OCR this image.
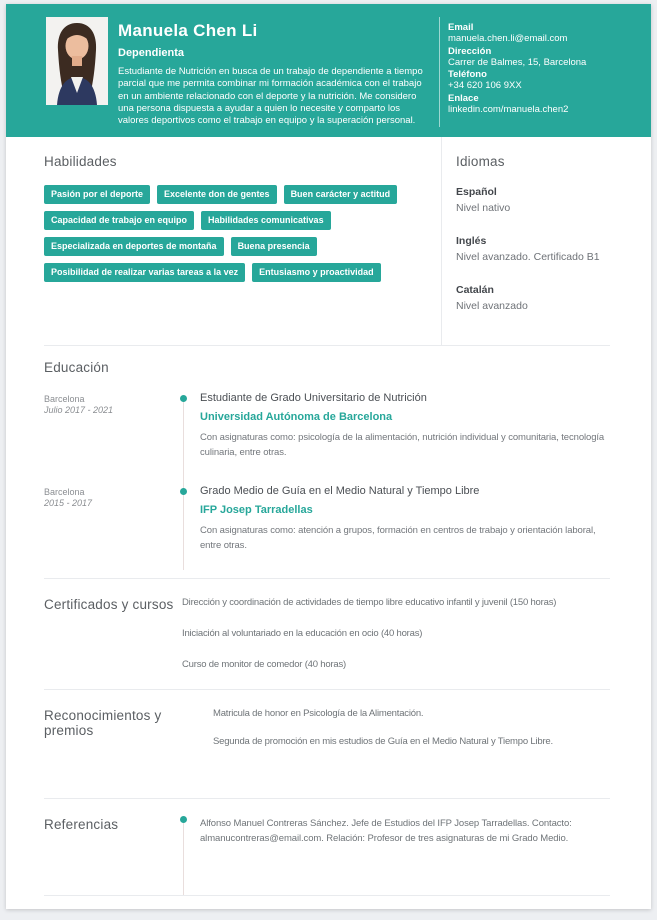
Manuela Chen Li
Dependienta

Estudiante de Nutrición en busca de un trabajo de dependiente a tiempo parcial que me permita combinar mi formación académica con el trabajo en un ambiente relacionado con el deporte y la nutrición. Me considero una persona dispuesta a ayudar a quien lo necesite y comparto los valores deportivos como el trabajo en equipo y la superación personal.

Email
manuela.chen.li@email.com
Dirección
Carrer de Balmes, 15, Barcelona
Teléfono
+34 620 106 9XX
Enlace
linkedin.com/manuela.chen2
Habilidades
Pasión por el deporte	Excelente don de gentes	Buen carácter y actitud
Capacidad de trabajo en equipo	Habilidades comunicativas
Especializada en deportes de montaña	Buena presencia
Posibilidad de realizar varias tareas a la vez	Entusiasmo y proactividad
Idiomas
Español
Nivel nativo
Inglés
Nivel avanzado. Certificado B1
Catalán
Nivel avanzado
Educación
Barcelona
Julio 2017 - 2021
Estudiante de Grado Universitario de Nutrición
Universidad Autónoma de Barcelona
Con asignaturas como: psicología de la alimentación, nutrición individual y comunitaria, tecnología culinaria, entre otras.
Barcelona
2015 - 2017
Grado Medio de Guía en el Medio Natural y Tiempo Libre
IFP Josep Tarradellas
Con asignaturas como: atención a grupos, formación en centros de trabajo y orientación laboral, entre otras.
Certificados y cursos Dirección y coordinación de actividades de tiempo libre educativo infantil y juvenil (150 horas)
Iniciación al voluntariado en la educación en ocio (40 horas)
Curso de monitor de comedor (40 horas)
Reconocimientos y premios
Matricula de honor en Psicología de la Alimentación.
Segunda de promoción en mis estudios de Guía en el Medio Natural y Tiempo Libre.
Referencias	Alfonso Manuel Contreras Sánchez. Jefe de Estudios del IFP Josep Tarradellas. Contacto: almanucontreras@email.com. Relación: Profesor de tres asignaturas de mi Grado Medio.
